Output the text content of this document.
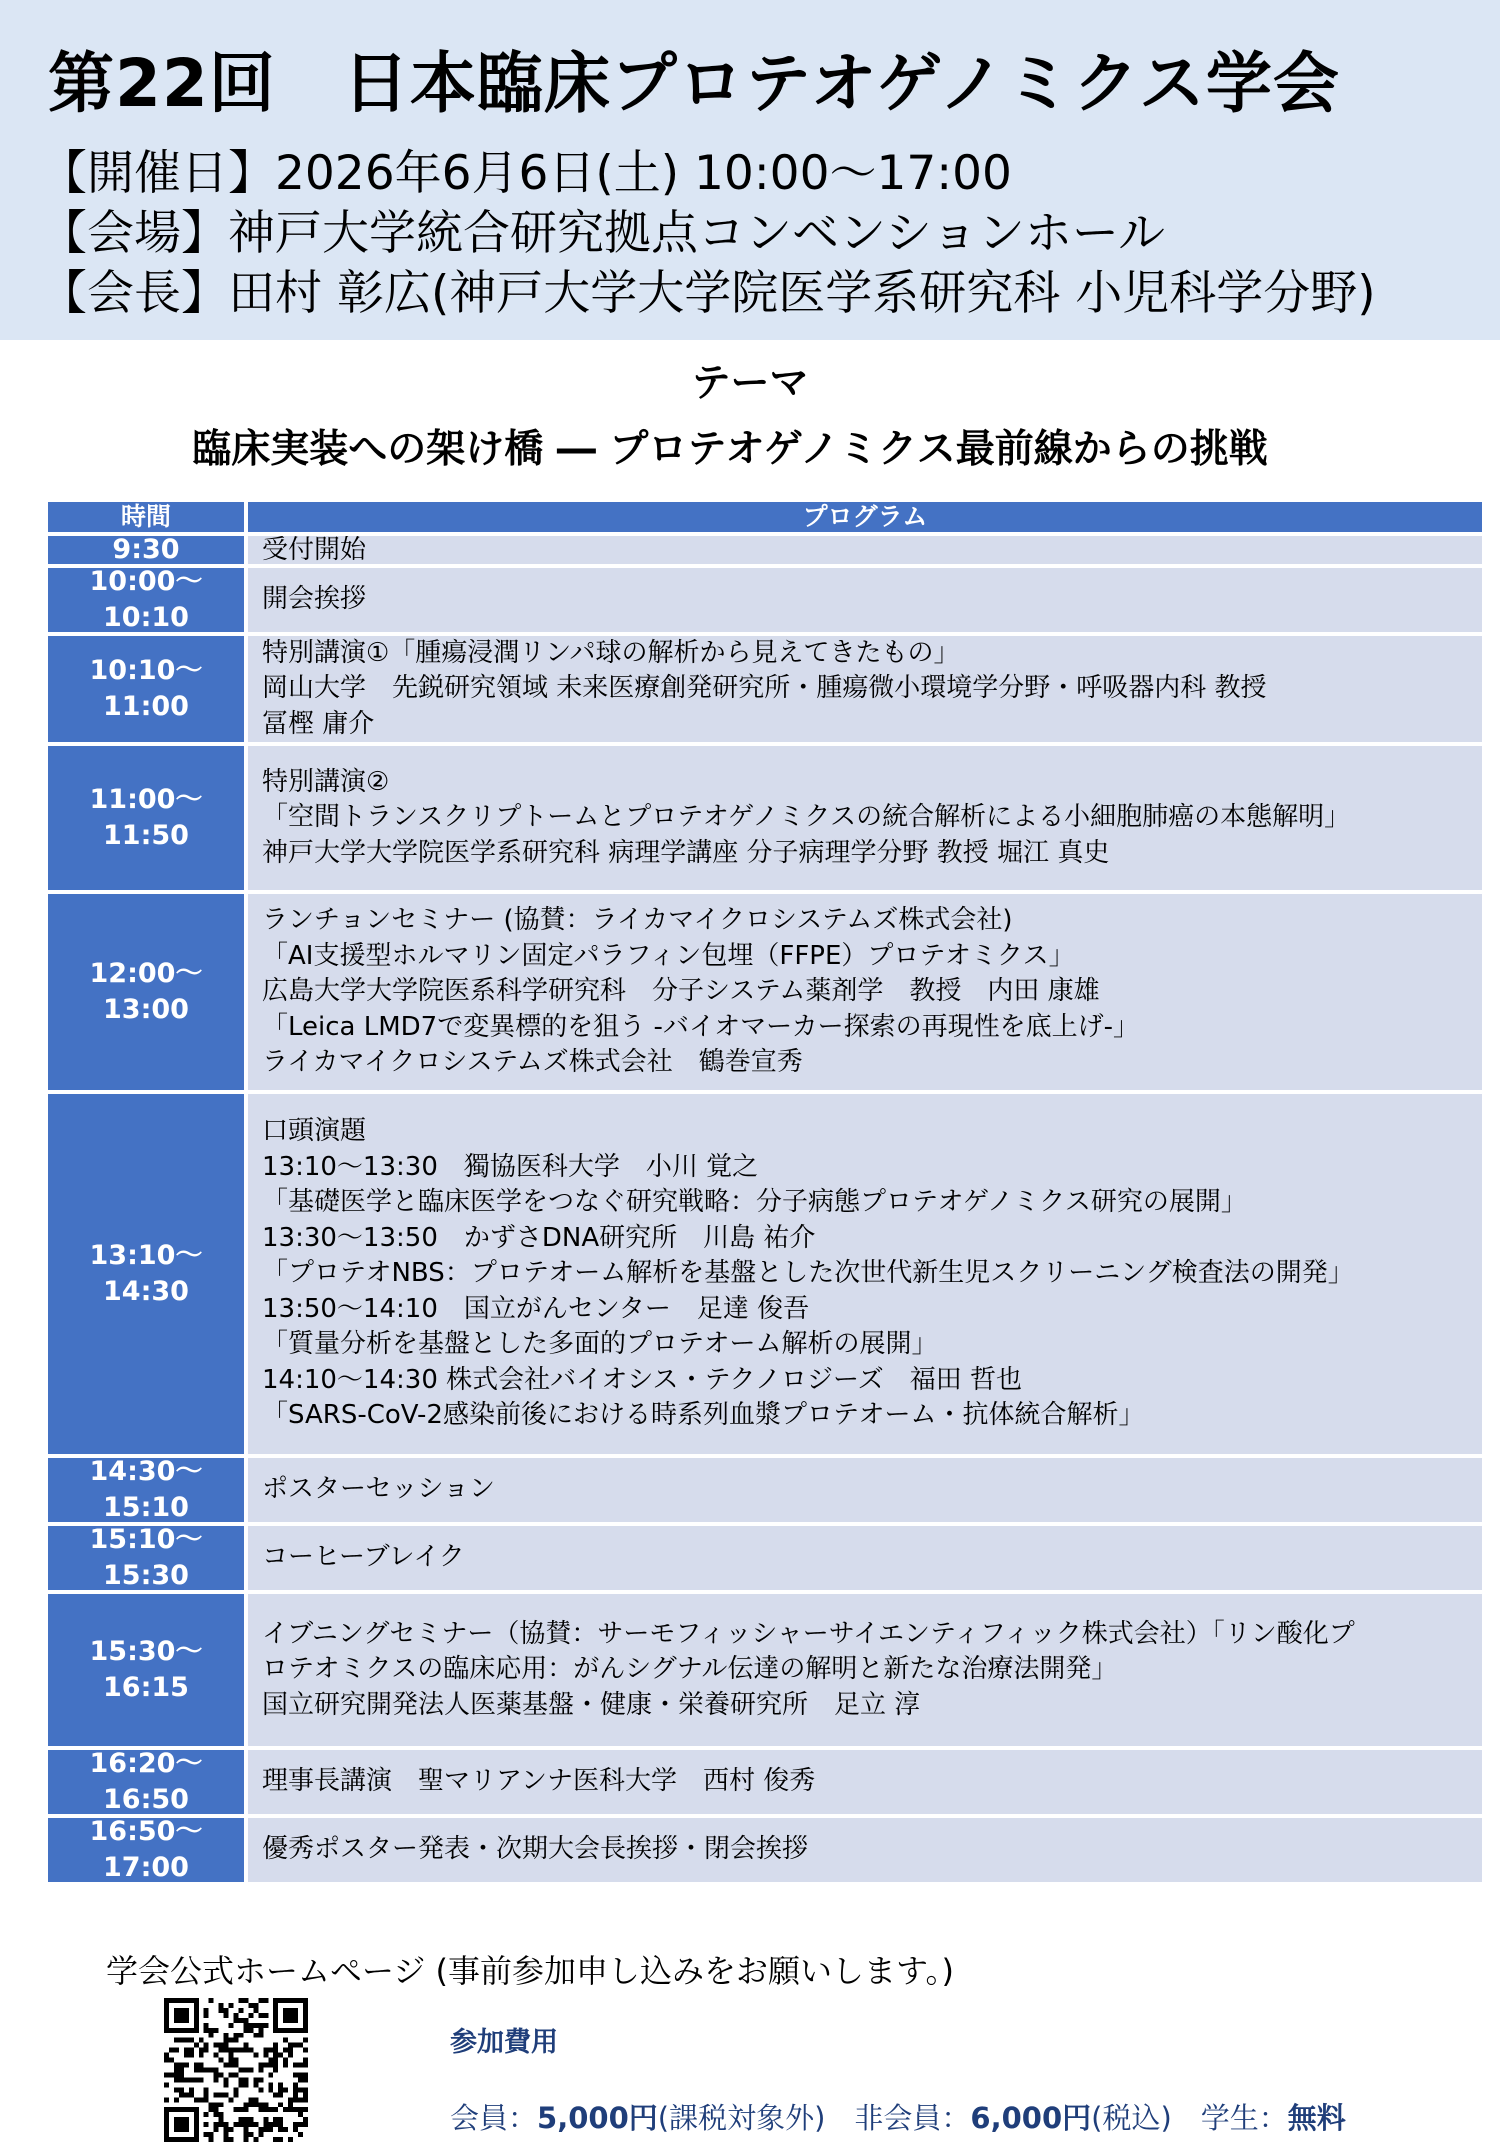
第22回　日本臨床プロテオゲノミクス学会
【開催日】2026年6月6日(土) 10:00～17:00
【会場】神戸大学統合研究拠点コンベンションホール
【会長】田村 彰広(神戸大学大学院医学系研究科 小児科学分野)
テーマ
臨床実装への架け橋 ― プロテオゲノミクス最前線からの挑戦
時間	プログラム
9:30	受付開始
10:00～
10:10
開会挨拶
10:10～
11:00
特別講演①「腫瘍浸潤リンパ球の解析から見えてきたもの」
岡山大学　先鋭研究領域 未来医療創発研究所・腫瘍微小環境学分野・呼吸器内科 教授
冨樫 庸介
11:00～
11:50
特別講演②
「空間トランスクリプトームとプロテオゲノミクスの統合解析による小細胞肺癌の本態解明」
神戸大学大学院医学系研究科 病理学講座 分子病理学分野 教授 堀江 真史
12:00～
13:00
ランチョンセミナー (協賛：ライカマイクロシステムズ株式会社)
「AI支援型ホルマリン固定パラフィン包埋（FFPE）プロテオミクス」
広島大学大学院医系科学研究科　分子システム薬剤学　教授　内田 康雄
「Leica LMD7で変異標的を狙う -バイオマーカー探索の再現性を底上げ-」
ライカマイクロシステムズ株式会社　鶴巻宣秀
13:10～
14:30
口頭演題
13:10～13:30　獨協医科大学　小川 覚之
「基礎医学と臨床医学をつなぐ研究戦略：分子病態プロテオゲノミクス研究の展開」
13:30～13:50　かずさDNA研究所　川島 祐介
「プロテオNBS：プロテオーム解析を基盤とした次世代新生児スクリーニング検査法の開発」
13:50～14:10　国立がんセンター　足達 俊吾
「質量分析を基盤とした多面的プロテオーム解析の展開」
14:10～14:30 株式会社バイオシス・テクノロジーズ　福田 哲也
「SARS-CoV-2感染前後における時系列血漿プロテオーム・抗体統合解析」
14:30～
15:10
ポスターセッション
15:10～
15:30
コーヒーブレイク
15:30～
16:15
イブニングセミナー（協賛：サーモフィッシャーサイエンティフィック株式会社）「リン酸化プ
ロテオミクスの臨床応用：がんシグナル伝達の解明と新たな治療法開発」
国立研究開発法人医薬基盤・健康・栄養研究所　足立 淳
16:20～
16:50
理事長講演　聖マリアンナ医科大学　西村 俊秀
16:50～
17:00
優秀ポスター発表・次期大会長挨拶・閉会挨拶
学会公式ホームページ (事前参加申し込みをお願いします。)
参加費用
会員：5,000円(課税対象外)　非会員：6,000円(税込)　学生：無料
